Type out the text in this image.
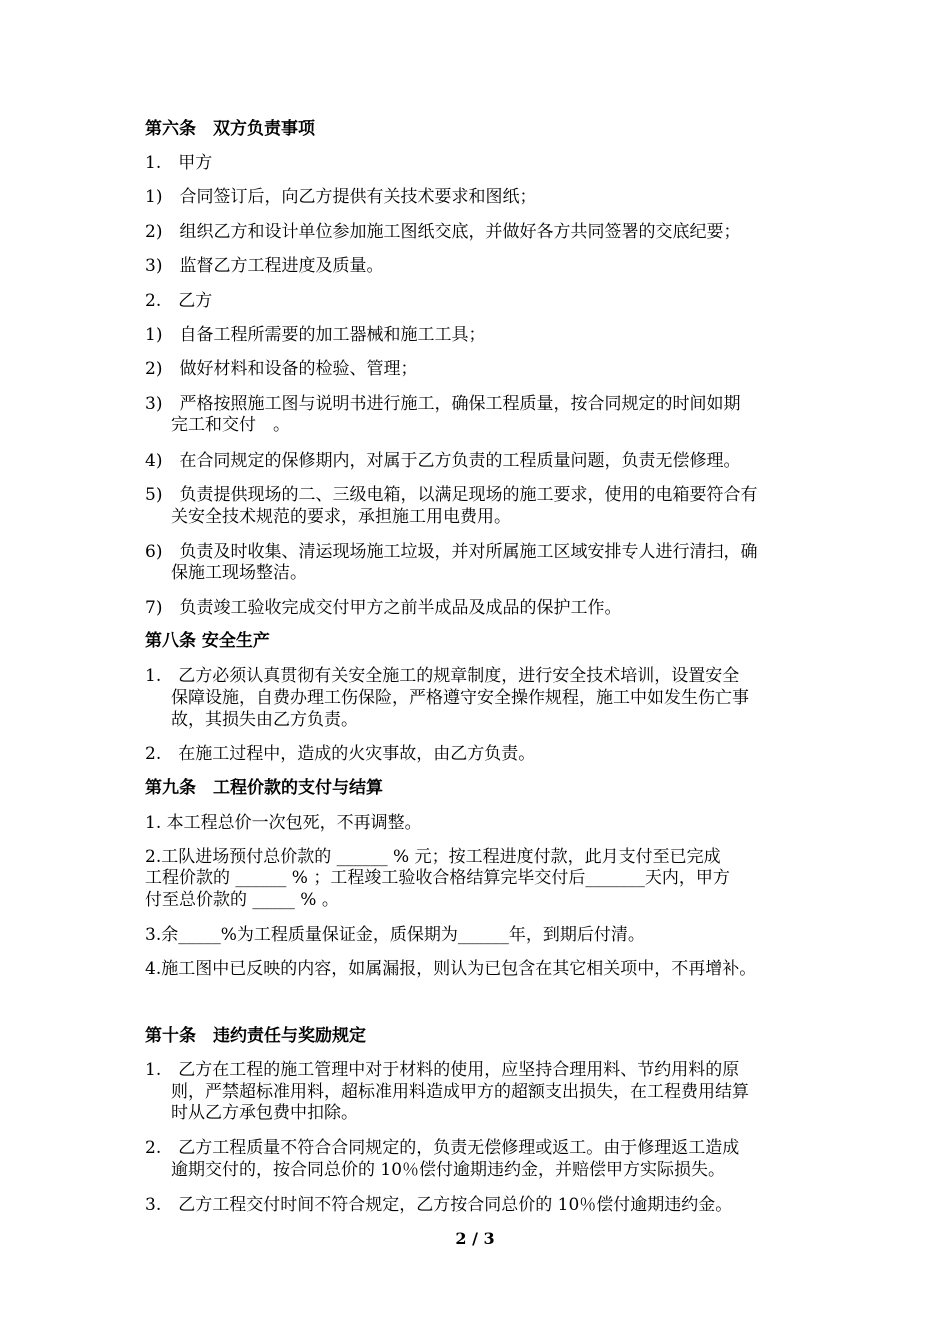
第六条　双方负责事项
1.　甲方
1)　合同签订后，向乙方提供有关技术要求和图纸；
2)　组织乙方和设计单位参加施工图纸交底，并做好各方共同签署的交底纪要；
3)　监督乙方工程进度及质量。
2.　乙方
1)　自备工程所需要的加工器械和施工工具；
2)　做好材料和设备的检验、管理；
3)　严格按照施工图与说明书进行施工，确保工程质量，按合同规定的时间如期
完工和交付　。
4)　在合同规定的保修期内，对属于乙方负责的工程质量问题，负责无偿修理。
5)　负责提供现场的二、三级电箱，以满足现场的施工要求，使用的电箱要符合有
关安全技术规范的要求，承担施工用电费用。
6)　负责及时收集、清运现场施工垃圾，并对所属施工区域安排专人进行清扫，确
保施工现场整洁。
7)　负责竣工验收完成交付甲方之前半成品及成品的保护工作。
第八条 安全生产
1.　乙方必须认真贯彻有关安全施工的规章制度，进行安全技术培训，设置安全
保障设施，自费办理工伤保险，严格遵守安全操作规程，施工中如发生伤亡事
故，其损失由乙方负责。
2.　在施工过程中，造成的火灾事故，由乙方负责。
第九条　工程价款的支付与结算
1. 本工程总价一次包死，不再调整。
2.工队进场预付总价款的 ______ % 元；按工程进度付款，此月支付至已完成
工程价款的 ______ % ；工程竣工验收合格结算完毕交付后_______天内，甲方
付至总价款的 _____ % 。
3.余_____%为工程质量保证金，质保期为______年，到期后付清。
4.施工图中已反映的内容，如属漏报，则认为已包含在其它相关项中，不再增补。
第十条　违约责任与奖励规定
1.　乙方在工程的施工管理中对于材料的使用，应坚持合理用料、节约用料的原
则，严禁超标准用料，超标准用料造成甲方的超额支出损失，在工程费用结算
时从乙方承包费中扣除。
2.　乙方工程质量不符合合同规定的，负责无偿修理或返工。由于修理返工造成
逾期交付的，按合同总价的 10％偿付逾期违约金，并赔偿甲方实际损失。
3.　乙方工程交付时间不符合规定，乙方按合同总价的 10％偿付逾期违约金。
2 / 3
